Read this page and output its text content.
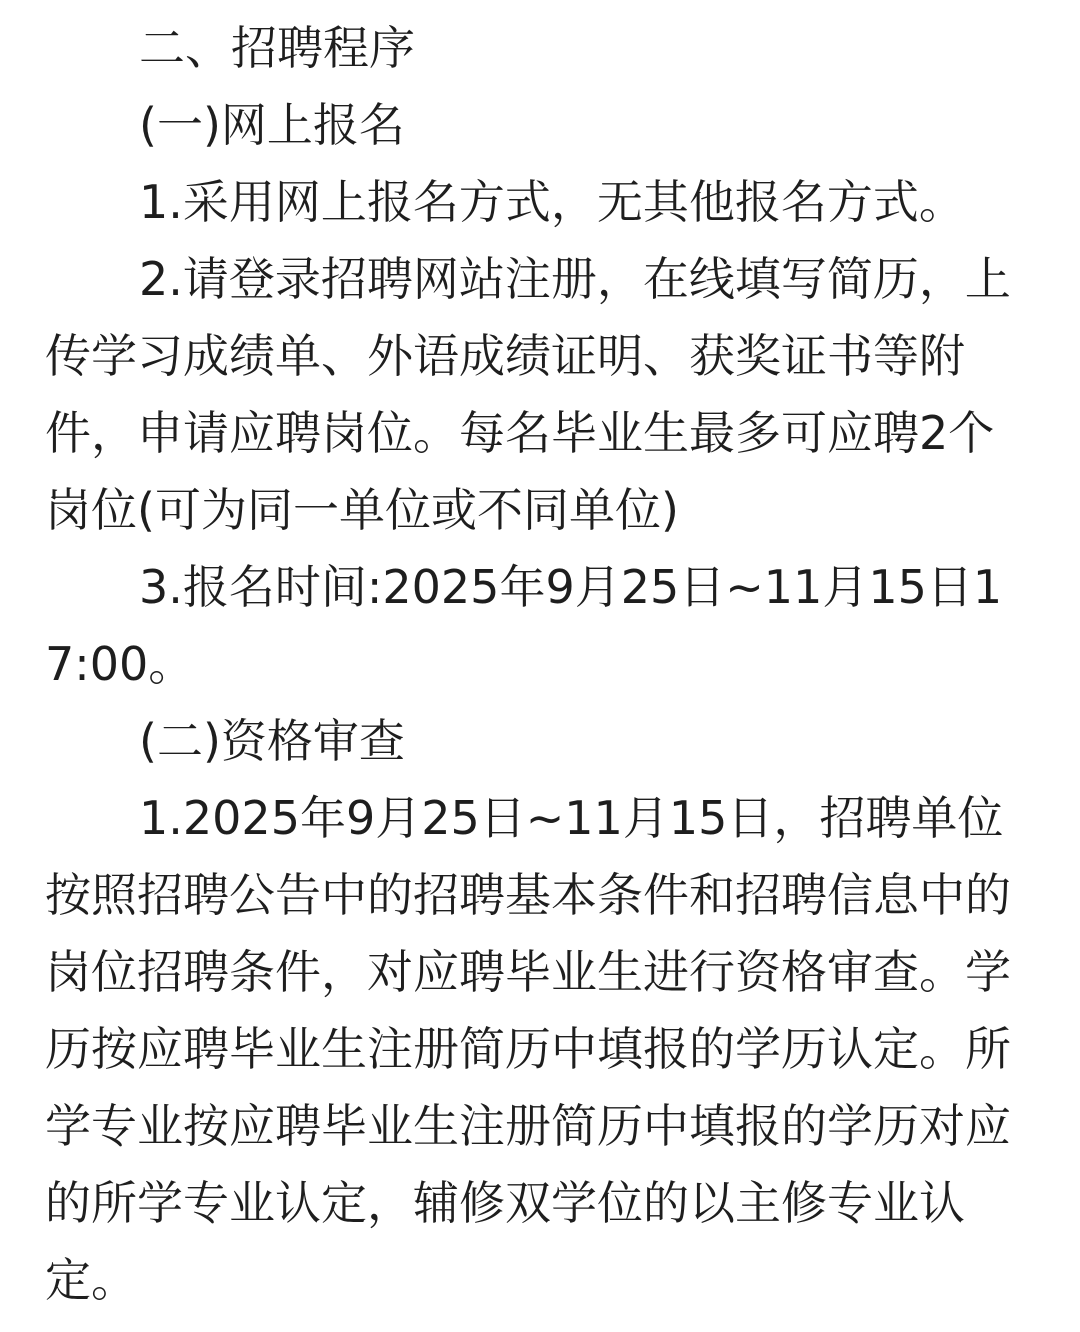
二、招聘程序

(一)网上报名

1.采用网上报名方式，无其他报名方式。

2.请登录招聘网站注册，在线填写简历，上传学习成绩单、外语成绩证明、获奖证书等附件，申请应聘岗位。每名毕业生最多可应聘2个岗位(可为同一单位或不同单位)

3.报名时间:2025年9月25日~11月15日17:00。

(二)资格审查

1.2025年9月25日~11月15日，招聘单位按照招聘公告中的招聘基本条件和招聘信息中的岗位招聘条件，对应聘毕业生进行资格审查。学历按应聘毕业生注册简历中填报的学历认定。所学专业按应聘毕业生注册简历中填报的学历对应的所学专业认定，辅修双学位的以主修专业认定。
